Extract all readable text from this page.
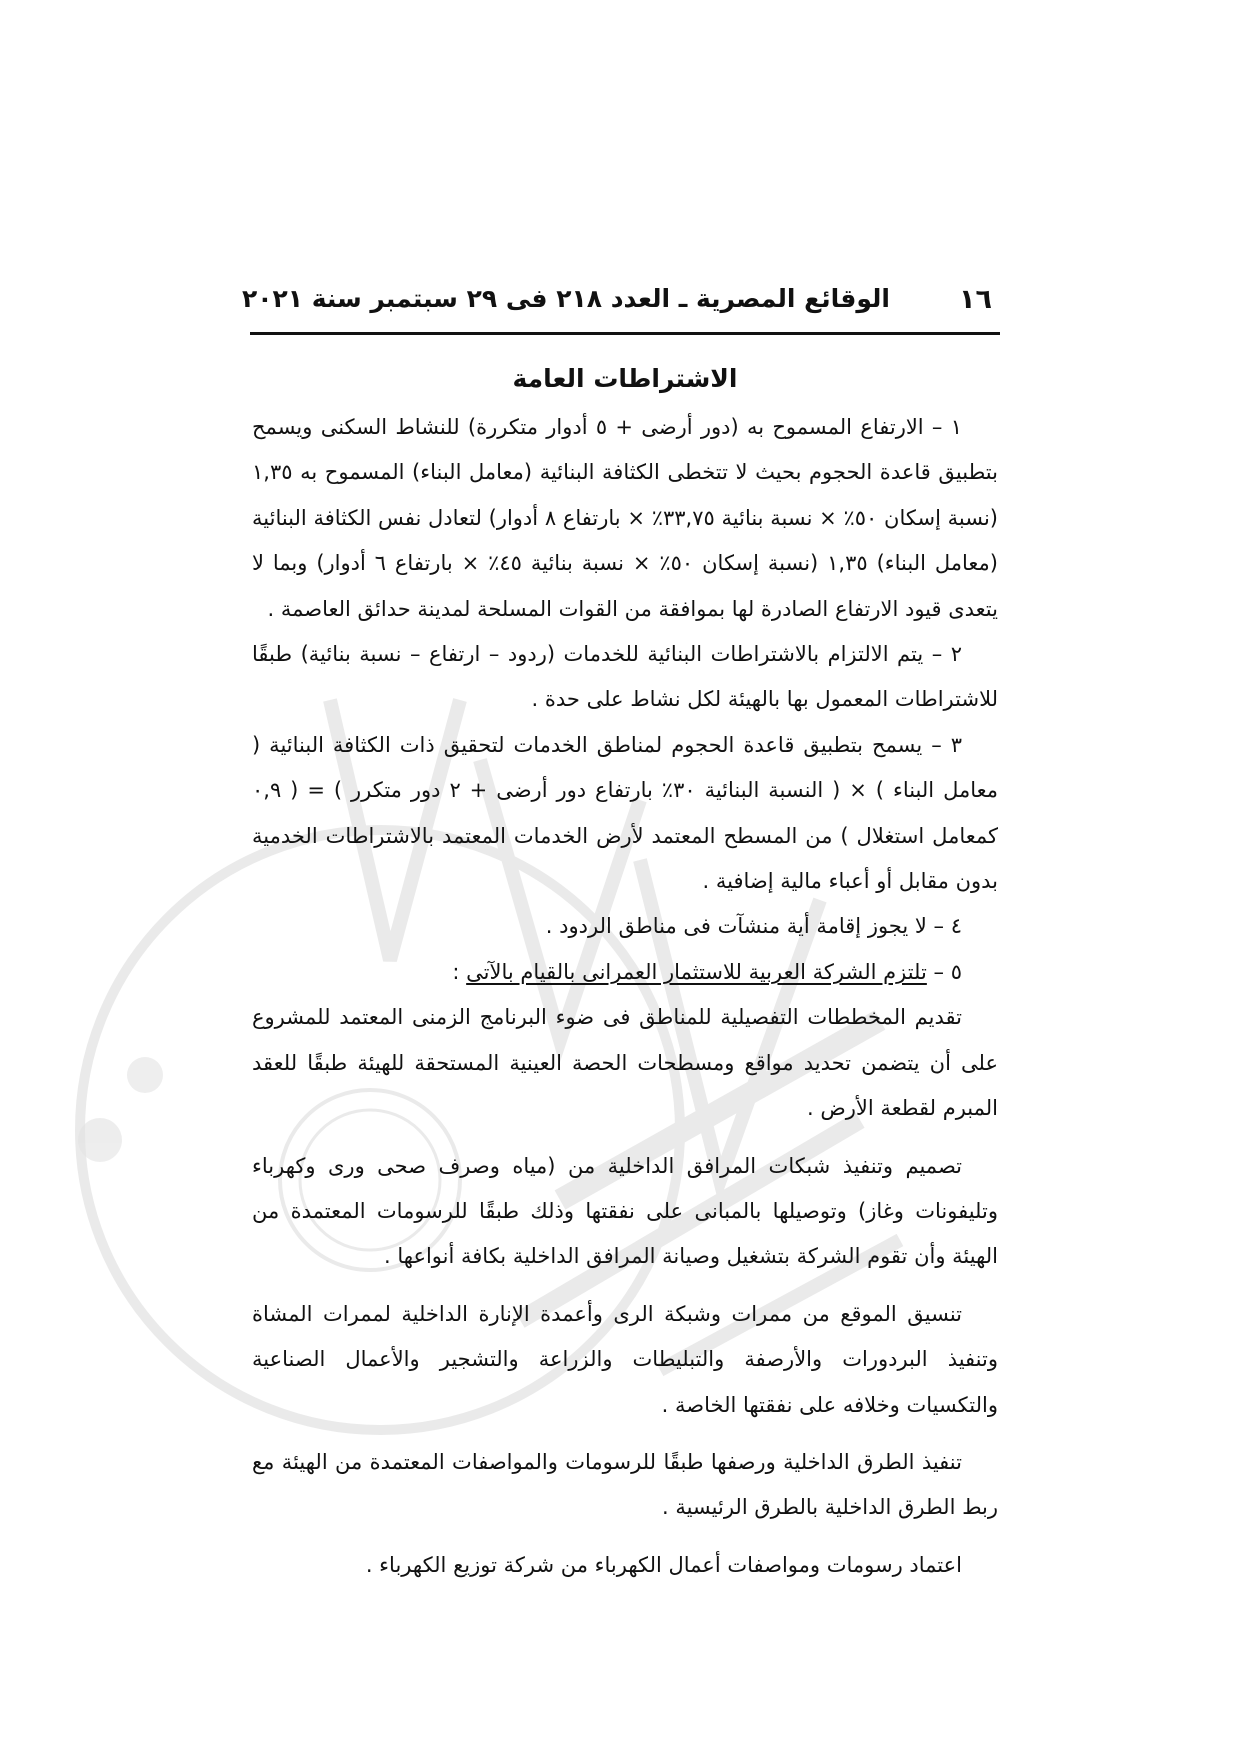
١٦
الوقائع المصرية ـ العدد ٢١٨ فى ٢٩ سبتمبر سنة ٢٠٢١
الاشتراطات العامة

١ – الارتفاع المسموح به (دور أرضى + ٥ أدوار متكررة) للنشاط السكنى ويسمح بتطبيق قاعدة الحجوم بحيث لا تتخطى الكثافة البنائية (معامل البناء) المسموح به ١,٣٥ (نسبة إسكان ٥٠٪ × نسبة بنائية ٣٣,٧٥٪ × بارتفاع ٨ أدوار) لتعادل نفس الكثافة البنائية (معامل البناء) ١,٣٥ (نسبة إسكان ٥٠٪ × نسبة بنائية ٤٥٪ × بارتفاع ٦ أدوار) وبما لا يتعدى قيود الارتفاع الصادرة لها بموافقة من القوات المسلحة لمدينة حدائق العاصمة .

٢ – يتم الالتزام بالاشتراطات البنائية للخدمات (ردود – ارتفاع – نسبة بنائية) طبقًا للاشتراطات المعمول بها بالهيئة لكل نشاط على حدة .

٣ – يسمح بتطبيق قاعدة الحجوم لمناطق الخدمات لتحقيق ذات الكثافة البنائية ( معامل البناء ) × ( النسبة البنائية ٣٠٪ بارتفاع دور أرضى + ٢ دور متكرر ) = ( ٠,٩ كمعامل استغلال ) من المسطح المعتمد لأرض الخدمات المعتمد بالاشتراطات الخدمية بدون مقابل أو أعباء مالية إضافية .

٤ – لا يجوز إقامة أية منشآت فى مناطق الردود .

٥ – تلتزم الشركة العربية للاستثمار العمرانى بالقيام بالآتى :

تقديم المخططات التفصيلية للمناطق فى ضوء البرنامج الزمنى المعتمد للمشروع على أن يتضمن تحديد مواقع ومسطحات الحصة العينية المستحقة للهيئة طبقًا للعقد المبرم لقطعة الأرض .

تصميم وتنفيذ شبكات المرافق الداخلية من (مياه وصرف صحى ورى وكهرباء وتليفونات وغاز) وتوصيلها بالمبانى على نفقتها وذلك طبقًا للرسومات المعتمدة من الهيئة وأن تقوم الشركة بتشغيل وصيانة المرافق الداخلية بكافة أنواعها .

تنسيق الموقع من ممرات وشبكة الرى وأعمدة الإنارة الداخلية لممرات المشاة وتنفيذ البردورات والأرصفة والتبليطات والزراعة والتشجير والأعمال الصناعية والتكسيات وخلافه على نفقتها الخاصة .

تنفيذ الطرق الداخلية ورصفها طبقًا للرسومات والمواصفات المعتمدة من الهيئة مع ربط الطرق الداخلية بالطرق الرئيسية .

اعتماد رسومات ومواصفات أعمال الكهرباء من شركة توزيع الكهرباء .
